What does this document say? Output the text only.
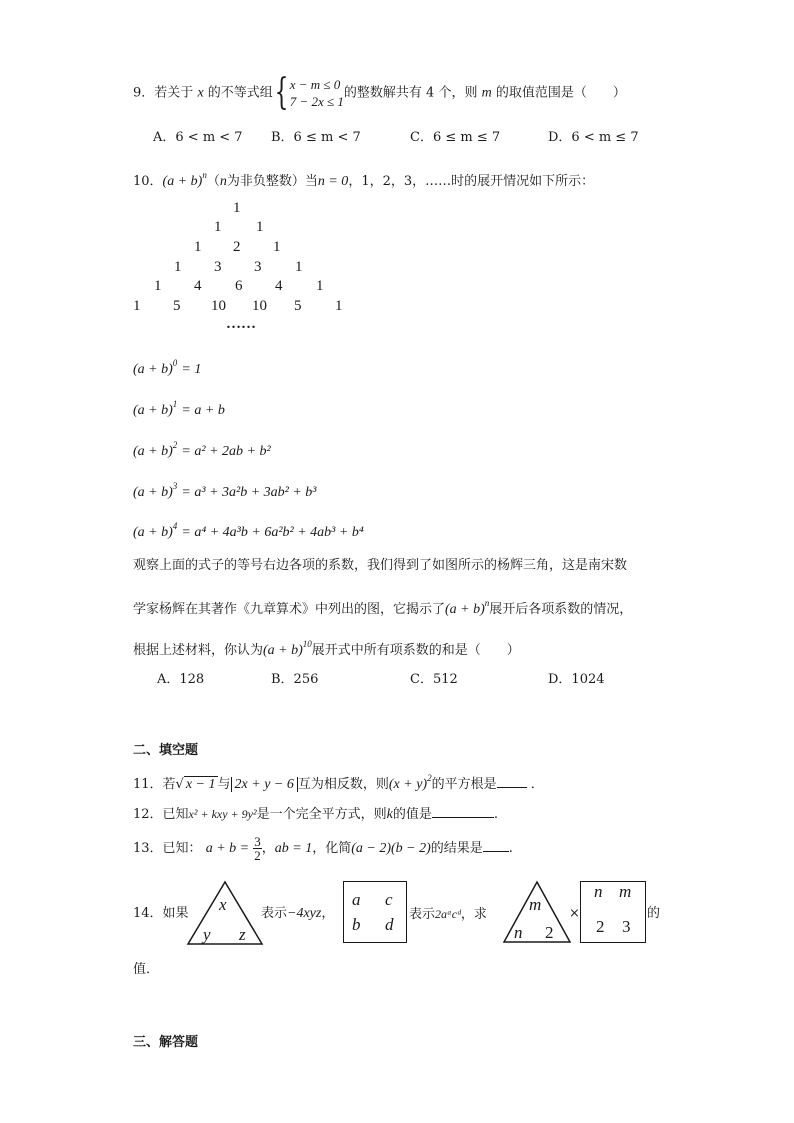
9．若关于 x 的不等式组{ x − m ≤ 0
7 − 2x ≤ 1的整数解共有 4 个，则 m 的取值范围是（　　）
A．6 < m < 7 B．6 ≤ m < 7	C．6 ≤ m ≤ 7	D．6 < m ≤ 7
10．$(a + b)^n(n$为非负整数）当n = 0，1，2，3，……时的展开情况如下所示：
1
1 1
1 2 1
1 3 3 1
1 4 6 4 1
1 5 10 10 5 1
……
$(a + b)^0 = 1$
$(a + b)^1 = a + b$
$(a + b)^2 = a^2 + 2ab + b^2$
$(a + b)^3 = a^3 + 3a^2b + 3ab^2 + b^3$
$(a + b)^4 = a^4 + 4a^3b + 6a^2b^2 + 4ab^3 + b^4$
观察上面的式子的等号右边各项的系数，我们得到了如图所示的杨辉三角，这是南宋数
学家杨辉在其著作《九章算术》中列出的图，它揭示了$(a + b)^n$展开后各项系数的情况，
根据上述材料，你认为$(a + b)^{10}$展开式中所有项系数的和是（　　）
A．128	B．256	C．512	D．1024
二、填空题
11．若√ x − 1 与 2x + y − 6 互为相反数，则$(x + y)^2$的平方根是	．
12．已知x² + kxy + 9y²是一个完全平方式，则k的值是	.
13．已知： $a + b = \frac{3}{2}$，ab = 1，化简(a − 2)(b − 2)的结果是 .
14．如果 x
y z
表示−4xyz，
a c
b d
表示2aᵃcᵈ，求
m
n 2
×
n m
2 3
的
值．
三、解答题
